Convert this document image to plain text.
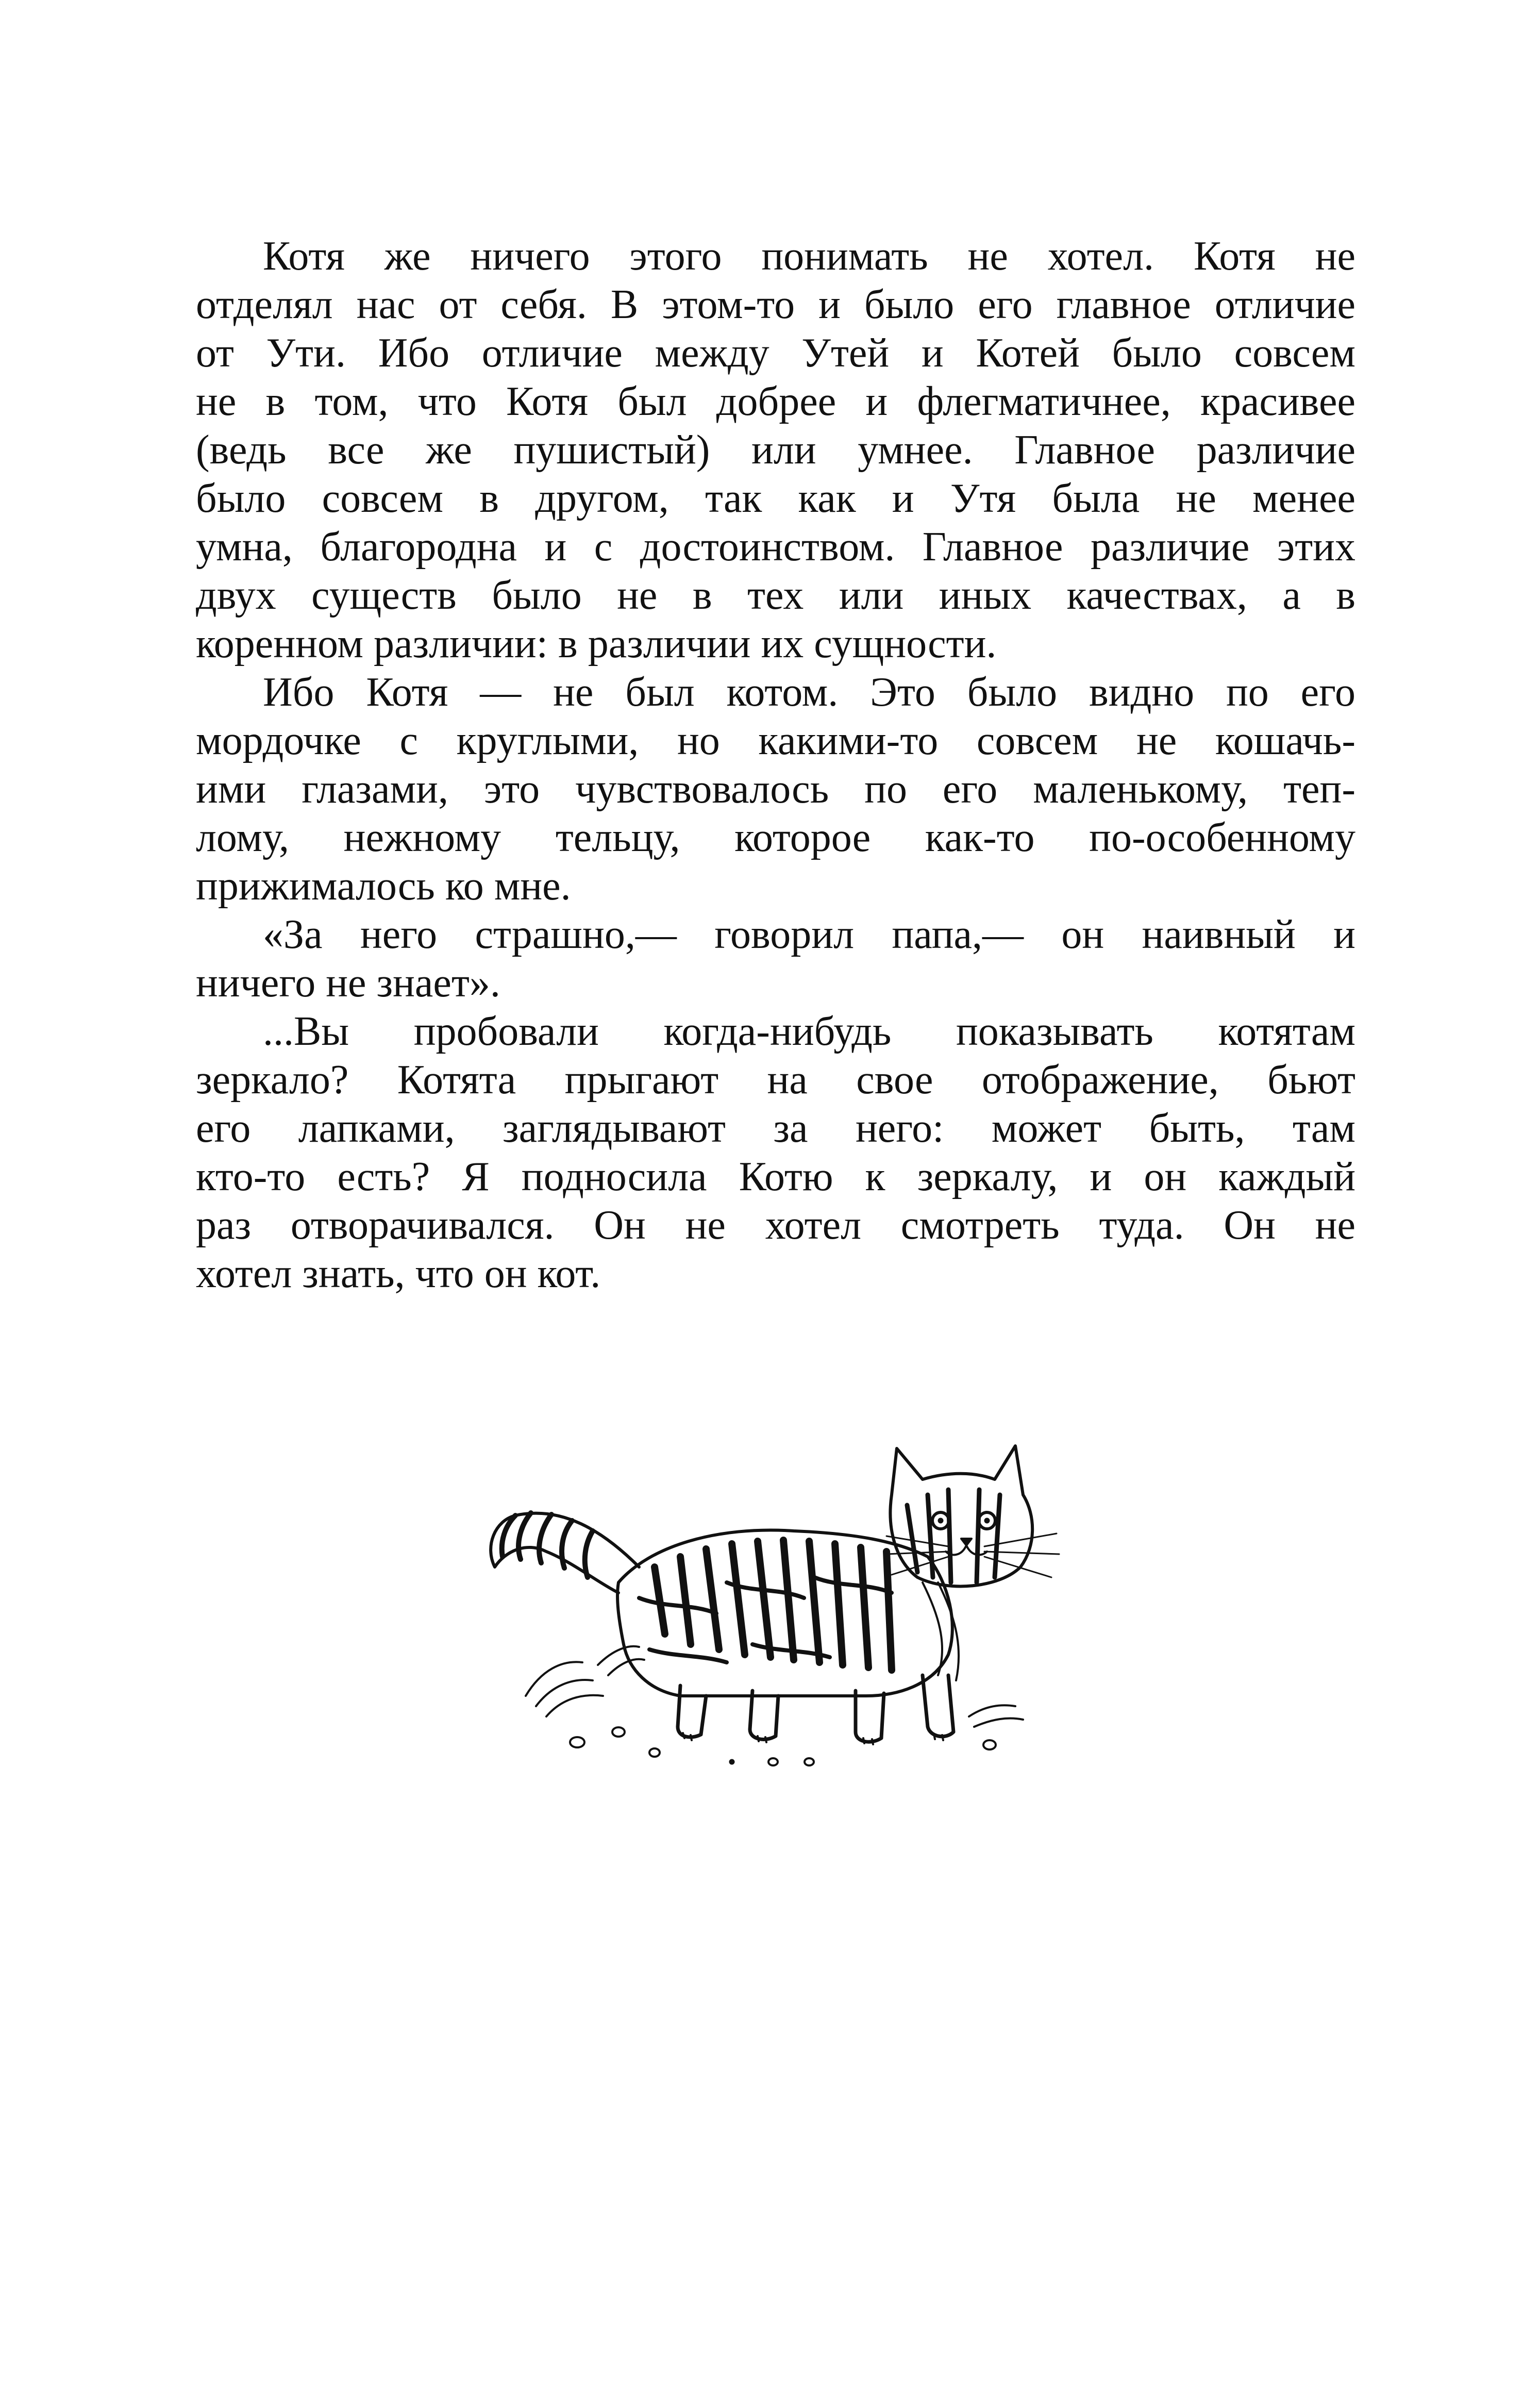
Котя же ничего этого понимать не хотел. Котя не
отделял нас от себя. В этом-то и было его главное отличие
от Ути. Ибо отличие между Утей и Котей было совсем
не в том, что Котя был добрее и флегматичнее, красивее
(ведь все же пушистый) или умнее. Главное различие
было совсем в другом, так как и Утя была не менее
умна, благородна и с достоинством. Главное различие этих
двух существ было не в тех или иных качествах, а в
коренном различии: в различии их сущности.

Ибо Котя — не был котом. Это было видно по его
мордочке с круглыми, но какими-то совсем не кошачь-
ими глазами, это чувствовалось по его маленькому, теп-
лому, нежному тельцу, которое как-то по-особенному
прижималось ко мне.

«За него страшно,— говорил папа,— он наивный и
ничего не знает».

...Вы пробовали когда-нибудь показывать котятам
зеркало? Котята прыгают на свое отображение, бьют
его лапками, заглядывают за него: может быть, там
кто-то есть? Я подносила Котю к зеркалу, и он каждый
раз отворачивался. Он не хотел смотреть туда. Он не
хотел знать, что он кот.
